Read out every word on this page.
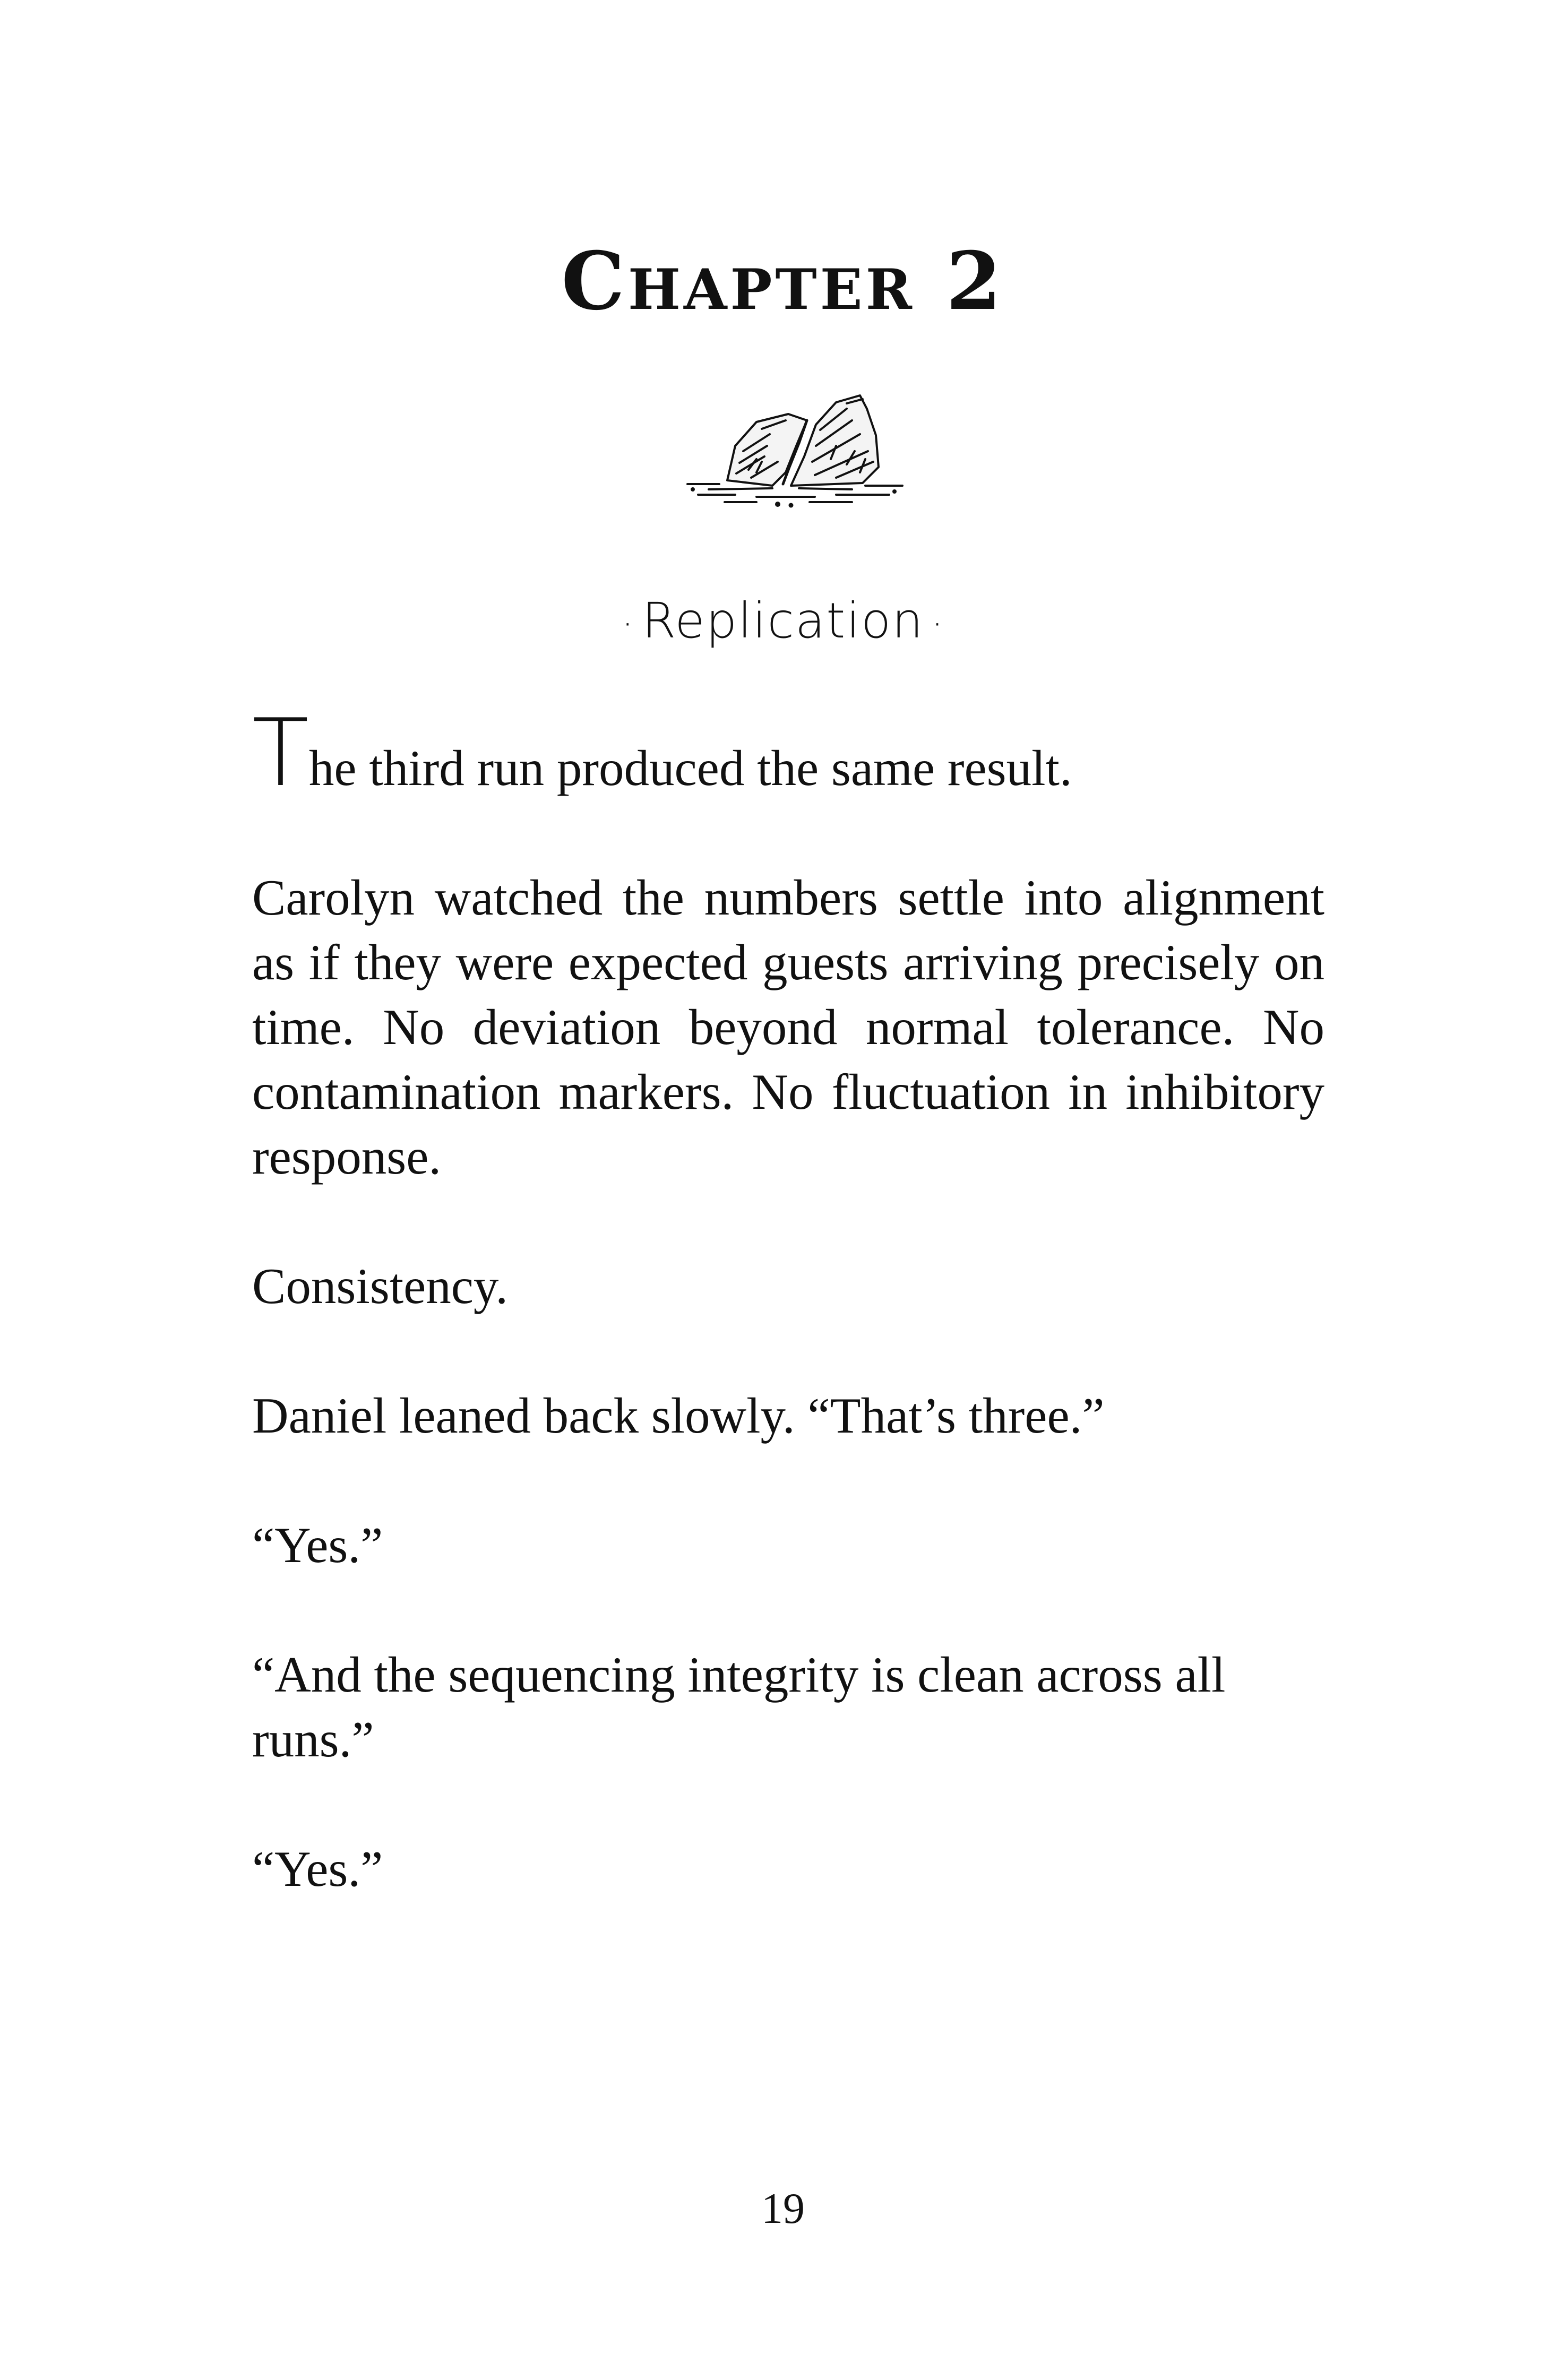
Chapter 2
· Replication ·

The third run produced the same result.

Carolyn watched the numbers settle into alignment as if they were expected guests arriving precisely on time. No deviation beyond normal tolerance. No contamination markers. No fluctuation in inhibitory response.

Consistency.

Daniel leaned back slowly. “That’s three.”

“Yes.”

“And the sequencing integrity is clean across all runs.”

“Yes.”

19
